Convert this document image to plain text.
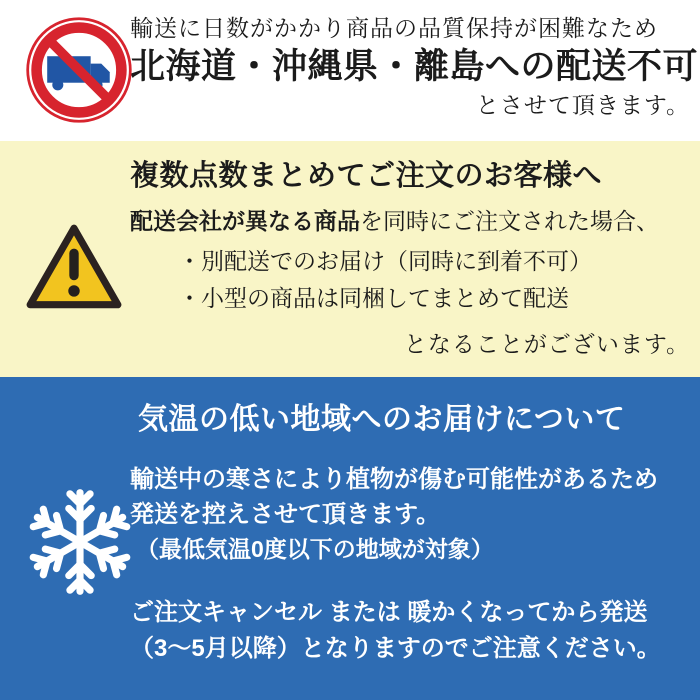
輸送に日数がかかり商品の品質保持が困難なため
北海道・沖縄県・離島への配送不可
とさせて頂きます。
複数点数まとめてご注文のお客様へ
配送会社が異なる商品を同時にご注文された場合、
・別配送でのお届け（同時に到着不可）
・小型の商品は同梱してまとめて配送
となることがございます。
気温の低い地域へのお届けについて
輸送中の寒さにより植物が傷む可能性があるため
発送を控えさせて頂きます。
（最低気温0度以下の地域が対象）
ご注文キャンセル または 暖かくなってから発送
（3～5月以降）となりますのでご注意ください。
